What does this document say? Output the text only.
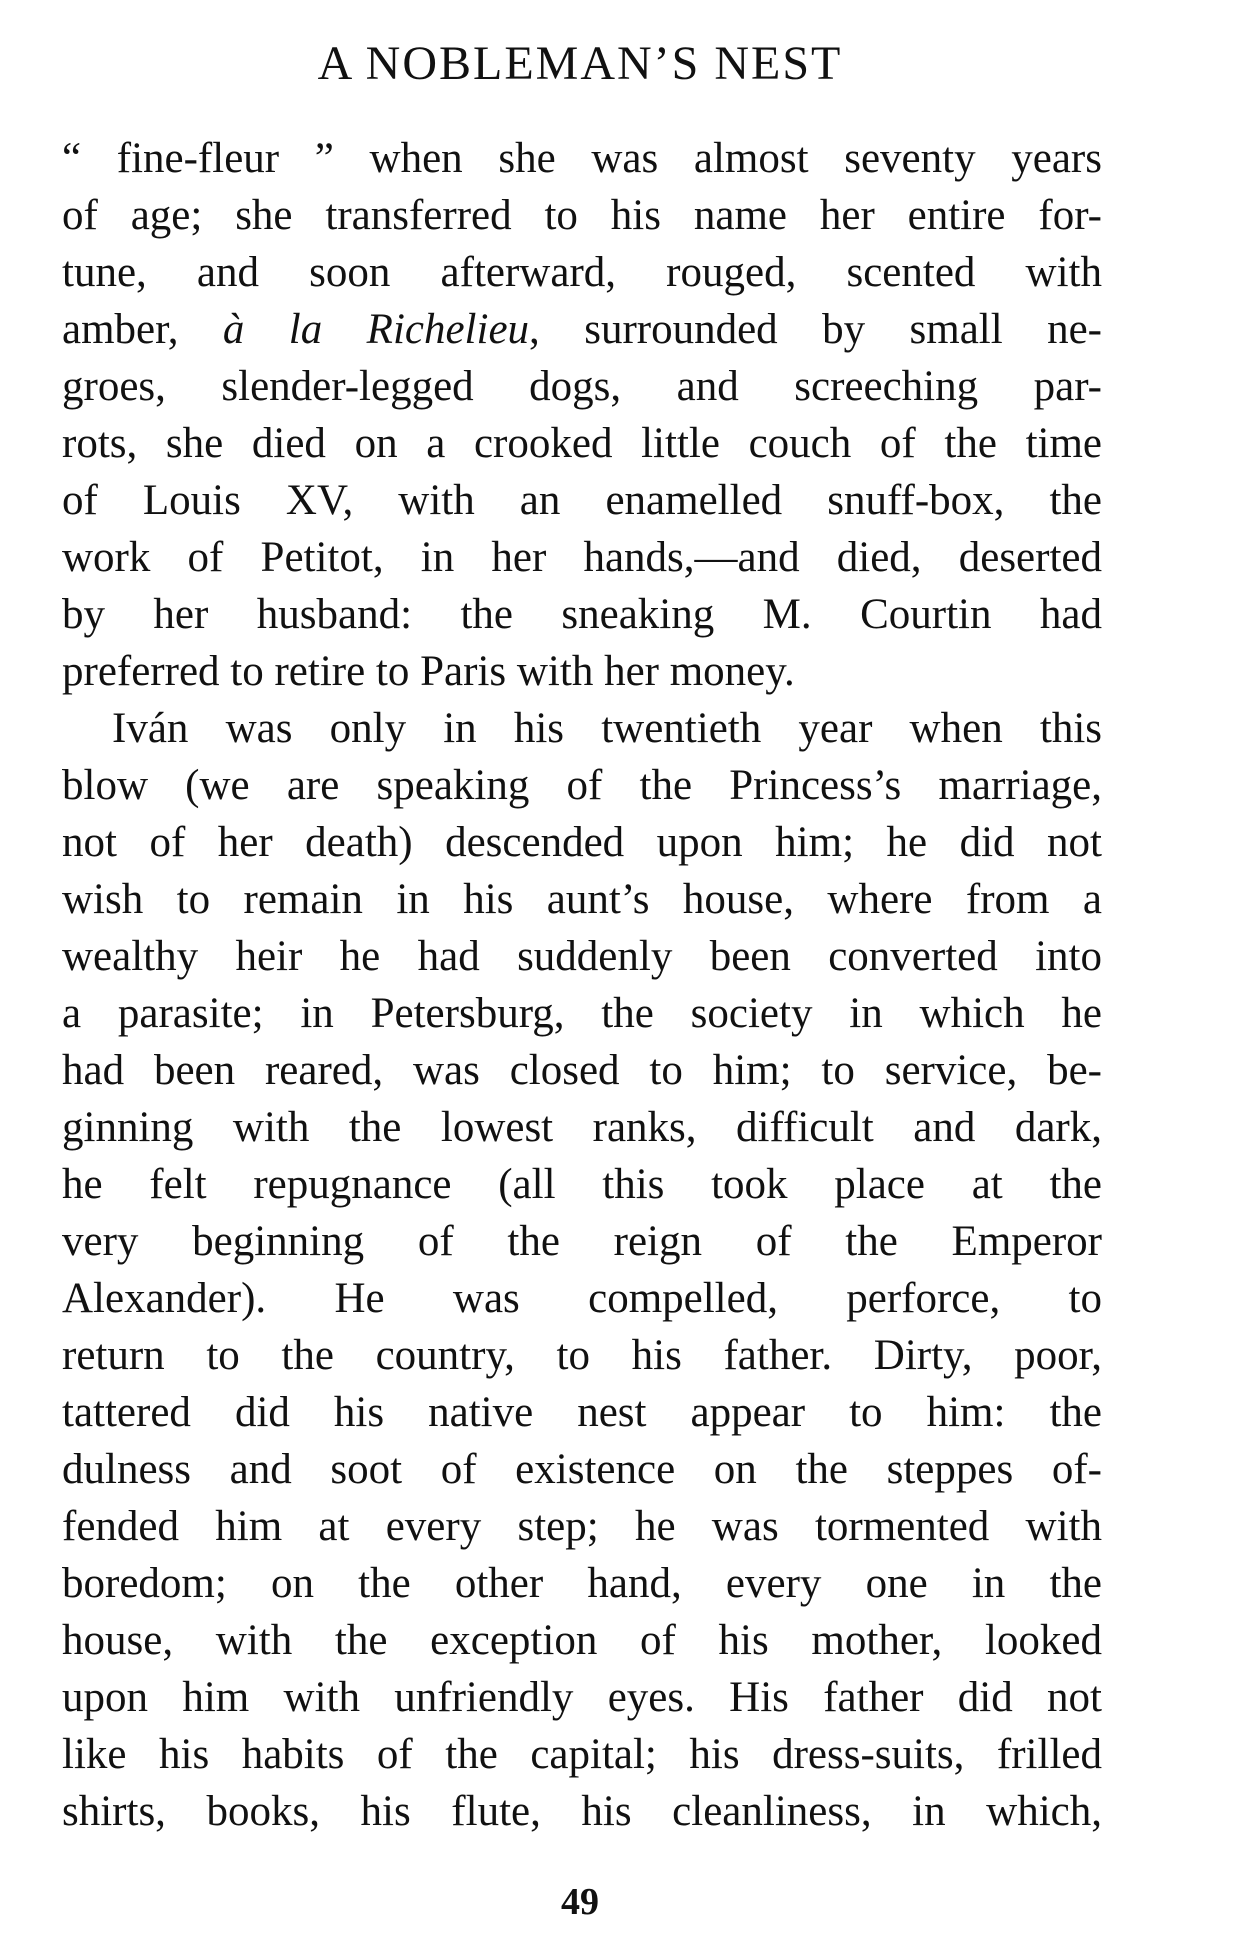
A NOBLEMAN’S NEST
“ fine-fleur ” when she was almost seventy years
of age; she transferred to his name her entire for-
tune, and soon afterward, rouged, scented with
amber, à la Richelieu, surrounded by small ne-
groes, slender-legged dogs, and screeching par-
rots, she died on a crooked little couch of the time
of Louis XV, with an enamelled snuff-box, the
work of Petitot, in her hands,—and died, deserted
by her husband: the sneaking M. Courtin had
preferred to retire to Paris with her money.
Iván was only in his twentieth year when this
blow (we are speaking of the Princess’s marriage,
not of her death) descended upon him; he did not
wish to remain in his aunt’s house, where from a
wealthy heir he had suddenly been converted into
a parasite; in Petersburg, the society in which he
had been reared, was closed to him; to service, be-
ginning with the lowest ranks, difficult and dark,
he felt repugnance (all this took place at the
very beginning of the reign of the Emperor
Alexander). He was compelled, perforce, to
return to the country, to his father. Dirty, poor,
tattered did his native nest appear to him: the
dulness and soot of existence on the steppes of-
fended him at every step; he was tormented with
boredom; on the other hand, every one in the
house, with the exception of his mother, looked
upon him with unfriendly eyes. His father did not
like his habits of the capital; his dress-suits, frilled
shirts, books, his flute, his cleanliness, in which,
49
